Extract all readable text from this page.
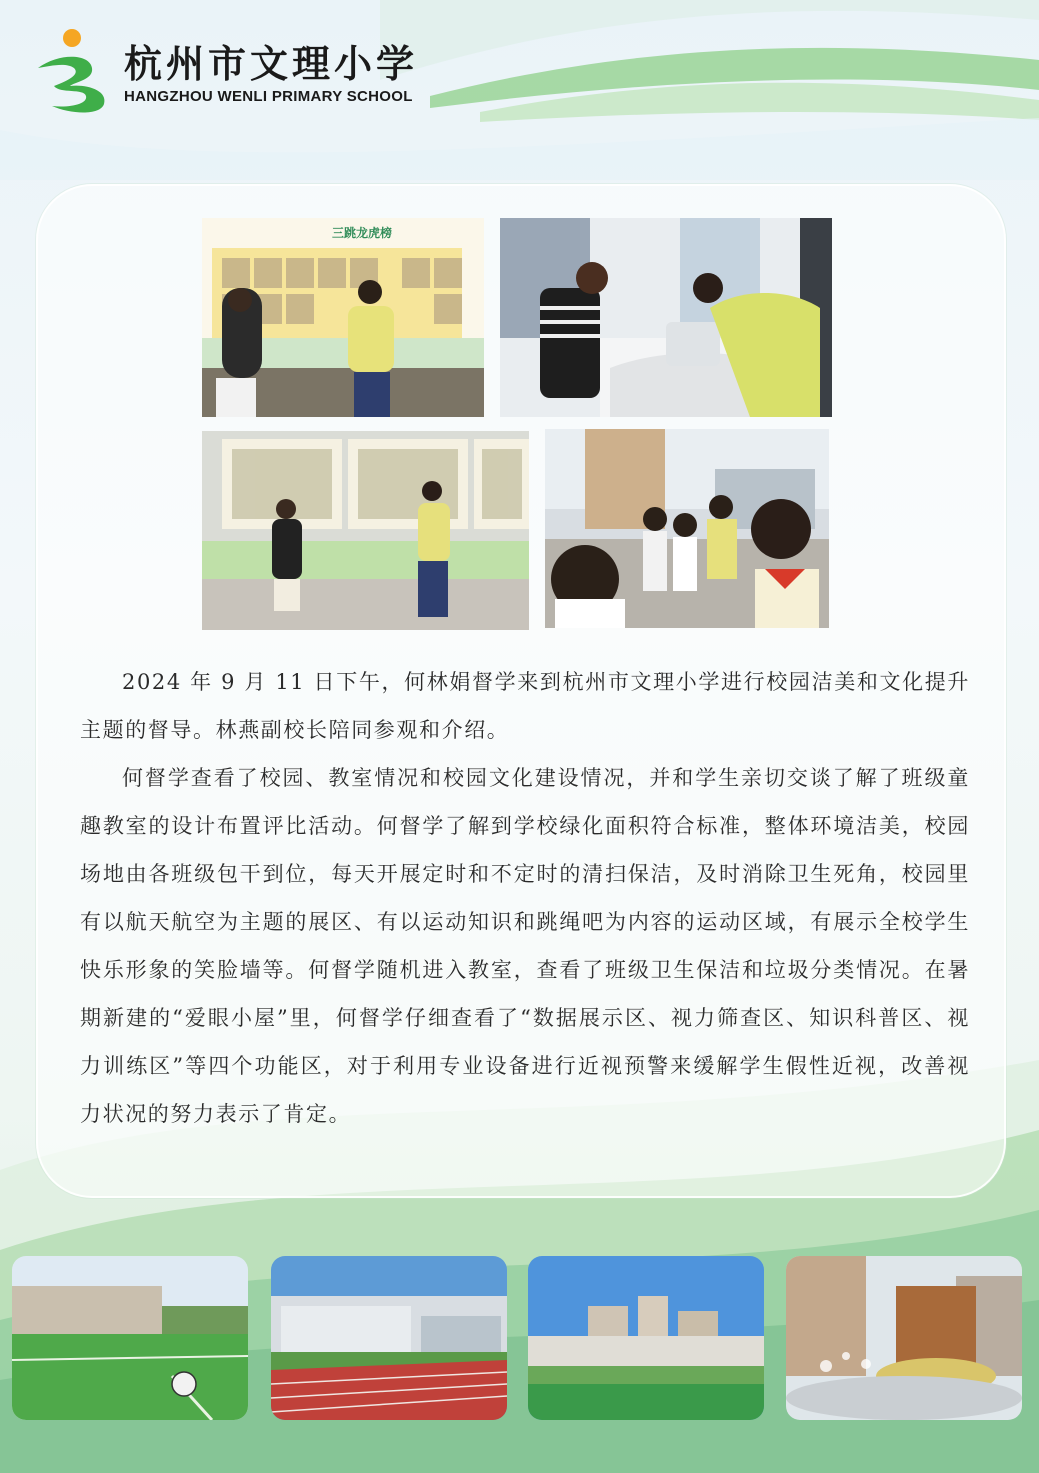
杭州市文理小学
HANGZHOU WENLI PRIMARY SCHOOL
三跳龙虎榜

2024 年 9 月 11 日下午，何林娟督学来到杭州市文理小学进行校园洁美和文化提升主题的督导。林燕副校长陪同参观和介绍。

何督学查看了校园、教室情况和校园文化建设情况，并和学生亲切交谈了解了班级童趣教室的设计布置评比活动。何督学了解到学校绿化面积符合标准，整体环境洁美，校园场地由各班级包干到位，每天开展定时和不定时的清扫保洁，及时消除卫生死角，校园里有以航天航空为主题的展区、有以运动知识和跳绳吧为内容的运动区域，有展示全校学生快乐形象的笑脸墙等。何督学随机进入教室，查看了班级卫生保洁和垃圾分类情况。在暑期新建的“爱眼小屋”里，何督学仔细查看了“数据展示区、视力筛查区、知识科普区、视力训练区”等四个功能区，对于利用专业设备进行近视预警来缓解学生假性近视，改善视力状况的努力表示了肯定。
